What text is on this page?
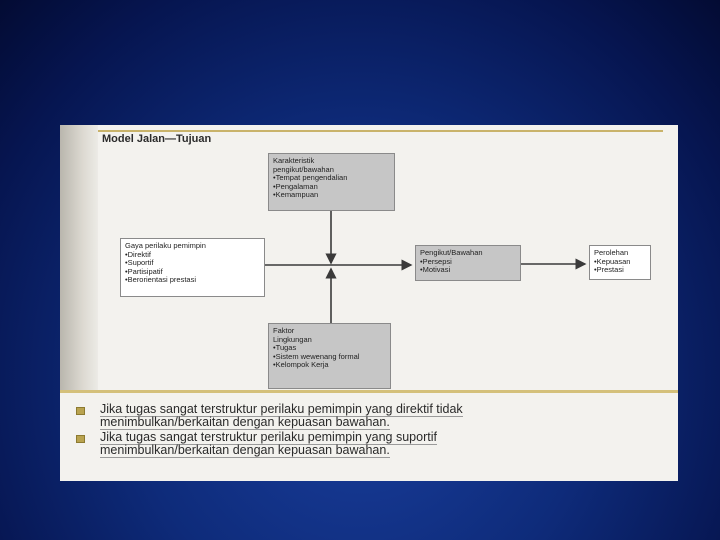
Model Jalan—Tujuan
Karakteristik
pengikut/bawahan
• Tempat pengendalian
• Pengalaman
• Kemampuan
Gaya perilaku pemimpin
• Direktif
• Suportif
• Partisipatif
• Berorientasi prestasi
Pengikut/Bawahan
• Persepsi
• Motivasi
Perolehan
• Kepuasan
• Prestasi
Faktor
Lingkungan
• Tugas
• Sistem wewenang formal
• Kelompok Kerja
Jika tugas sangat terstruktur perilaku pemimpin yang direktif tidak
menimbulkan/berkaitan dengan kepuasan bawahan.
Jika tugas sangat terstruktur perilaku pemimpin yang suportif
menimbulkan/berkaitan dengan kepuasan bawahan.
